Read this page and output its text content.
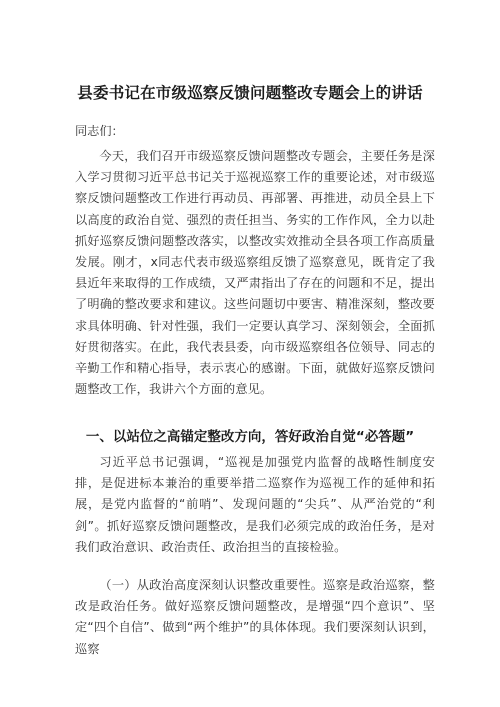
县委书记在市级巡察反馈问题整改专题会上的讲话
同志们：

今天，我们召开市级巡察反馈问题整改专题会，主要任务是深入学习贯彻习近平总书记关于巡视巡察工作的重要论述，对市级巡察反馈问题整改工作进行再动员、再部署、再推进，动员全县上下以高度的政治自觉、强烈的责任担当、务实的工作作风，全力以赴抓好巡察反馈问题整改落实，以整改实效推动全县各项工作高质量发展。刚才，x同志代表市级巡察组反馈了巡察意见，既肯定了我县近年来取得的工作成绩，又严肃指出了存在的问题和不足，提出了明确的整改要求和建议。这些问题切中要害、精准深刻，整改要求具体明确、针对性强，我们一定要认真学习、深刻领会，全面抓好贯彻落实。在此，我代表县委，向市级巡察组各位领导、同志的辛勤工作和精心指导，表示衷心的感谢。下面，就做好巡察反馈问题整改工作，我讲六个方面的意见。

一、以站位之高锚定整改方向，答好政治自觉“必答题”

习近平总书记强调，“巡视是加强党内监督的战略性制度安排，是促进标本兼治的重要举措二巡察作为巡视工作的延伸和拓展，是党内监督的“前哨”、发现问题的“尖兵”、从严治党的“利剑”。抓好巡察反馈问题整改，是我们必须完成的政治任务，是对我们政治意识、政治责任、政治担当的直接检验。

（一）从政治高度深刻认识整改重要性。巡察是政治巡察，整改是政治任务。做好巡察反馈问题整改，是增强“四个意识”、坚定“四个自信”、做到“两个维护”的具体体现。我们要深刻认识到，巡察
